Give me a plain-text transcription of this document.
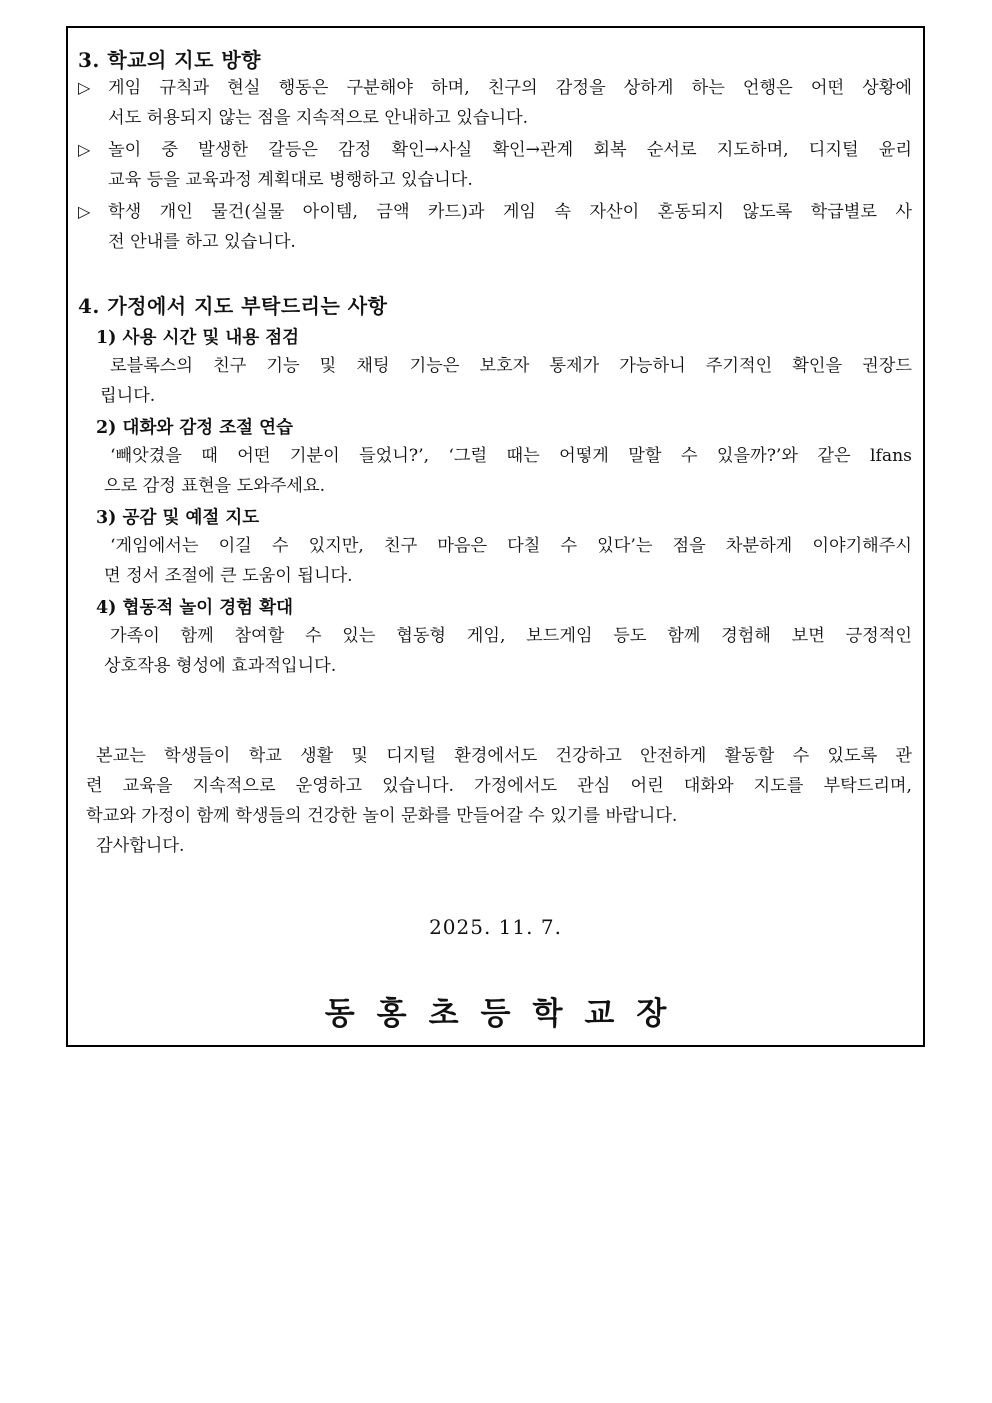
3. 학교의 지도 방향
▷ 게임 규칙과 현실 행동은 구분해야 하며, 친구의 감정을 상하게 하는 언행은 어떤 상황에
서도 허용되지 않는 점을 지속적으로 안내하고 있습니다.
▷ 놀이 중 발생한 갈등은 감정 확인→사실 확인→관계 회복 순서로 지도하며, 디지털 윤리
교육 등을 교육과정 계획대로 병행하고 있습니다.
▷ 학생 개인 물건(실물 아이템, 금액 카드)과 게임 속 자산이 혼동되지 않도록 학급별로 사
전 안내를 하고 있습니다.
4. 가정에서 지도 부탁드리는 사항
1) 사용 시간 및 내용 점검
로블록스의 친구 기능 및 채팅 기능은 보호자 통제가 가능하니 주기적인 확인을 권장드
립니다.
2) 대화와 감정 조절 연습
‘빼앗겼을 때 어떤 기분이 들었니?’, ‘그럴 때는 어떻게 말할 수 있을까?’와 같은 lfans
으로 감정 표현을 도와주세요.
3) 공감 및 예절 지도
‘게임에서는 이길 수 있지만, 친구 마음은 다칠 수 있다’는 점을 차분하게 이야기해주시
면 정서 조절에 큰 도움이 됩니다.
4) 협동적 놀이 경험 확대
가족이 함께 참여할 수 있는 협동형 게임, 보드게임 등도 함께 경험해 보면 긍정적인
상호작용 형성에 효과적입니다.
본교는 학생들이 학교 생활 및 디지털 환경에서도 건강하고 안전하게 활동할 수 있도록 관
련 교육을 지속적으로 운영하고 있습니다. 가정에서도 관심 어린 대화와 지도를 부탁드리며,
학교와 가정이 함께 학생들의 건강한 놀이 문화를 만들어갈 수 있기를 바랍니다.
감사합니다.
2025. 11. 7.
동홍초등학교장
